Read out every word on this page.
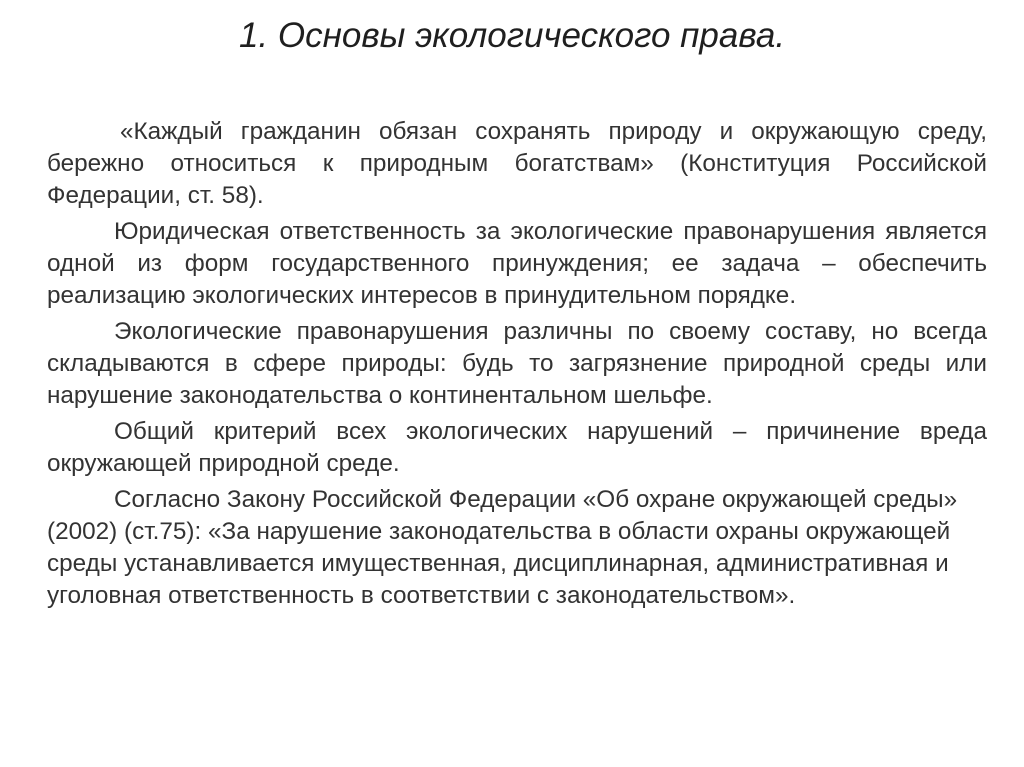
1. Основы экологического права.

«Каждый гражданин обязан сохранять природу и окружающую среду, бережно относиться к природным богатствам» (Конституция Российской Федерации, ст. 58).

Юридическая ответственность за экологические правонарушения является одной из форм государственного принуждения; ее задача – обеспечить реализацию экологических интересов в принудительном порядке.

Экологические правонарушения различны по своему составу, но всегда складываются в сфере природы: будь то загрязнение природной среды или нарушение законодательства о континентальном шельфе.

Общий критерий всех экологических нарушений – причинение вреда окружающей природной среде.

Согласно Закону Российской Федерации «Об охране окружающей среды» (2002) (ст.75): «За нарушение законодательства в области охраны окружающей среды устанавливается имущественная, дисциплинарная, административная и уголовная ответственность в соответствии с законодательством».
